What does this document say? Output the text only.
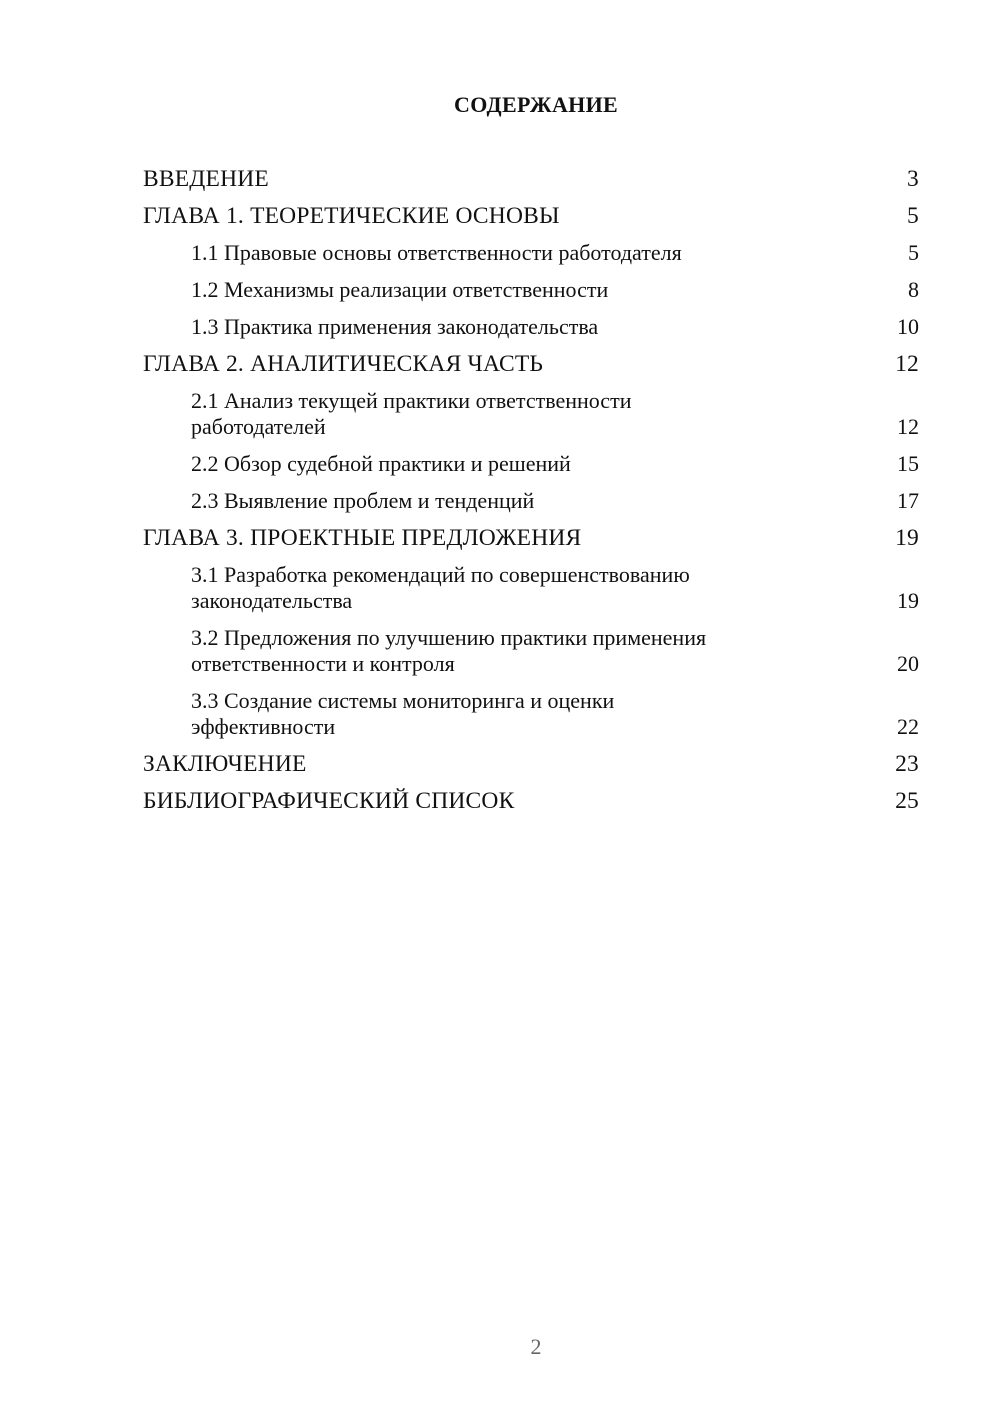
СОДЕРЖАНИЕ
ВВЕДЕНИЕ	3
ГЛАВА 1. ТЕОРЕТИЧЕСКИЕ ОСНОВЫ	5
1.1 Правовые основы ответственности работодателя	5
1.2 Механизмы реализации ответственности	8
1.3 Практика применения законодательства	10
ГЛАВА 2. АНАЛИТИЧЕСКАЯ ЧАСТЬ	12
2.1 Анализ текущей практики ответственности работодателей	12
2.2 Обзор судебной практики и решений	15
2.3 Выявление проблем и тенденций	17
ГЛАВА 3. ПРОЕКТНЫЕ ПРЕДЛОЖЕНИЯ	19
3.1 Разработка рекомендаций по совершенствованию законодательства	19
3.2 Предложения по улучшению практики применения ответственности и контроля	20
3.3 Создание системы мониторинга и оценки эффективности	22
ЗАКЛЮЧЕНИЕ	23
БИБЛИОГРАФИЧЕСКИЙ СПИСОК	25
2
